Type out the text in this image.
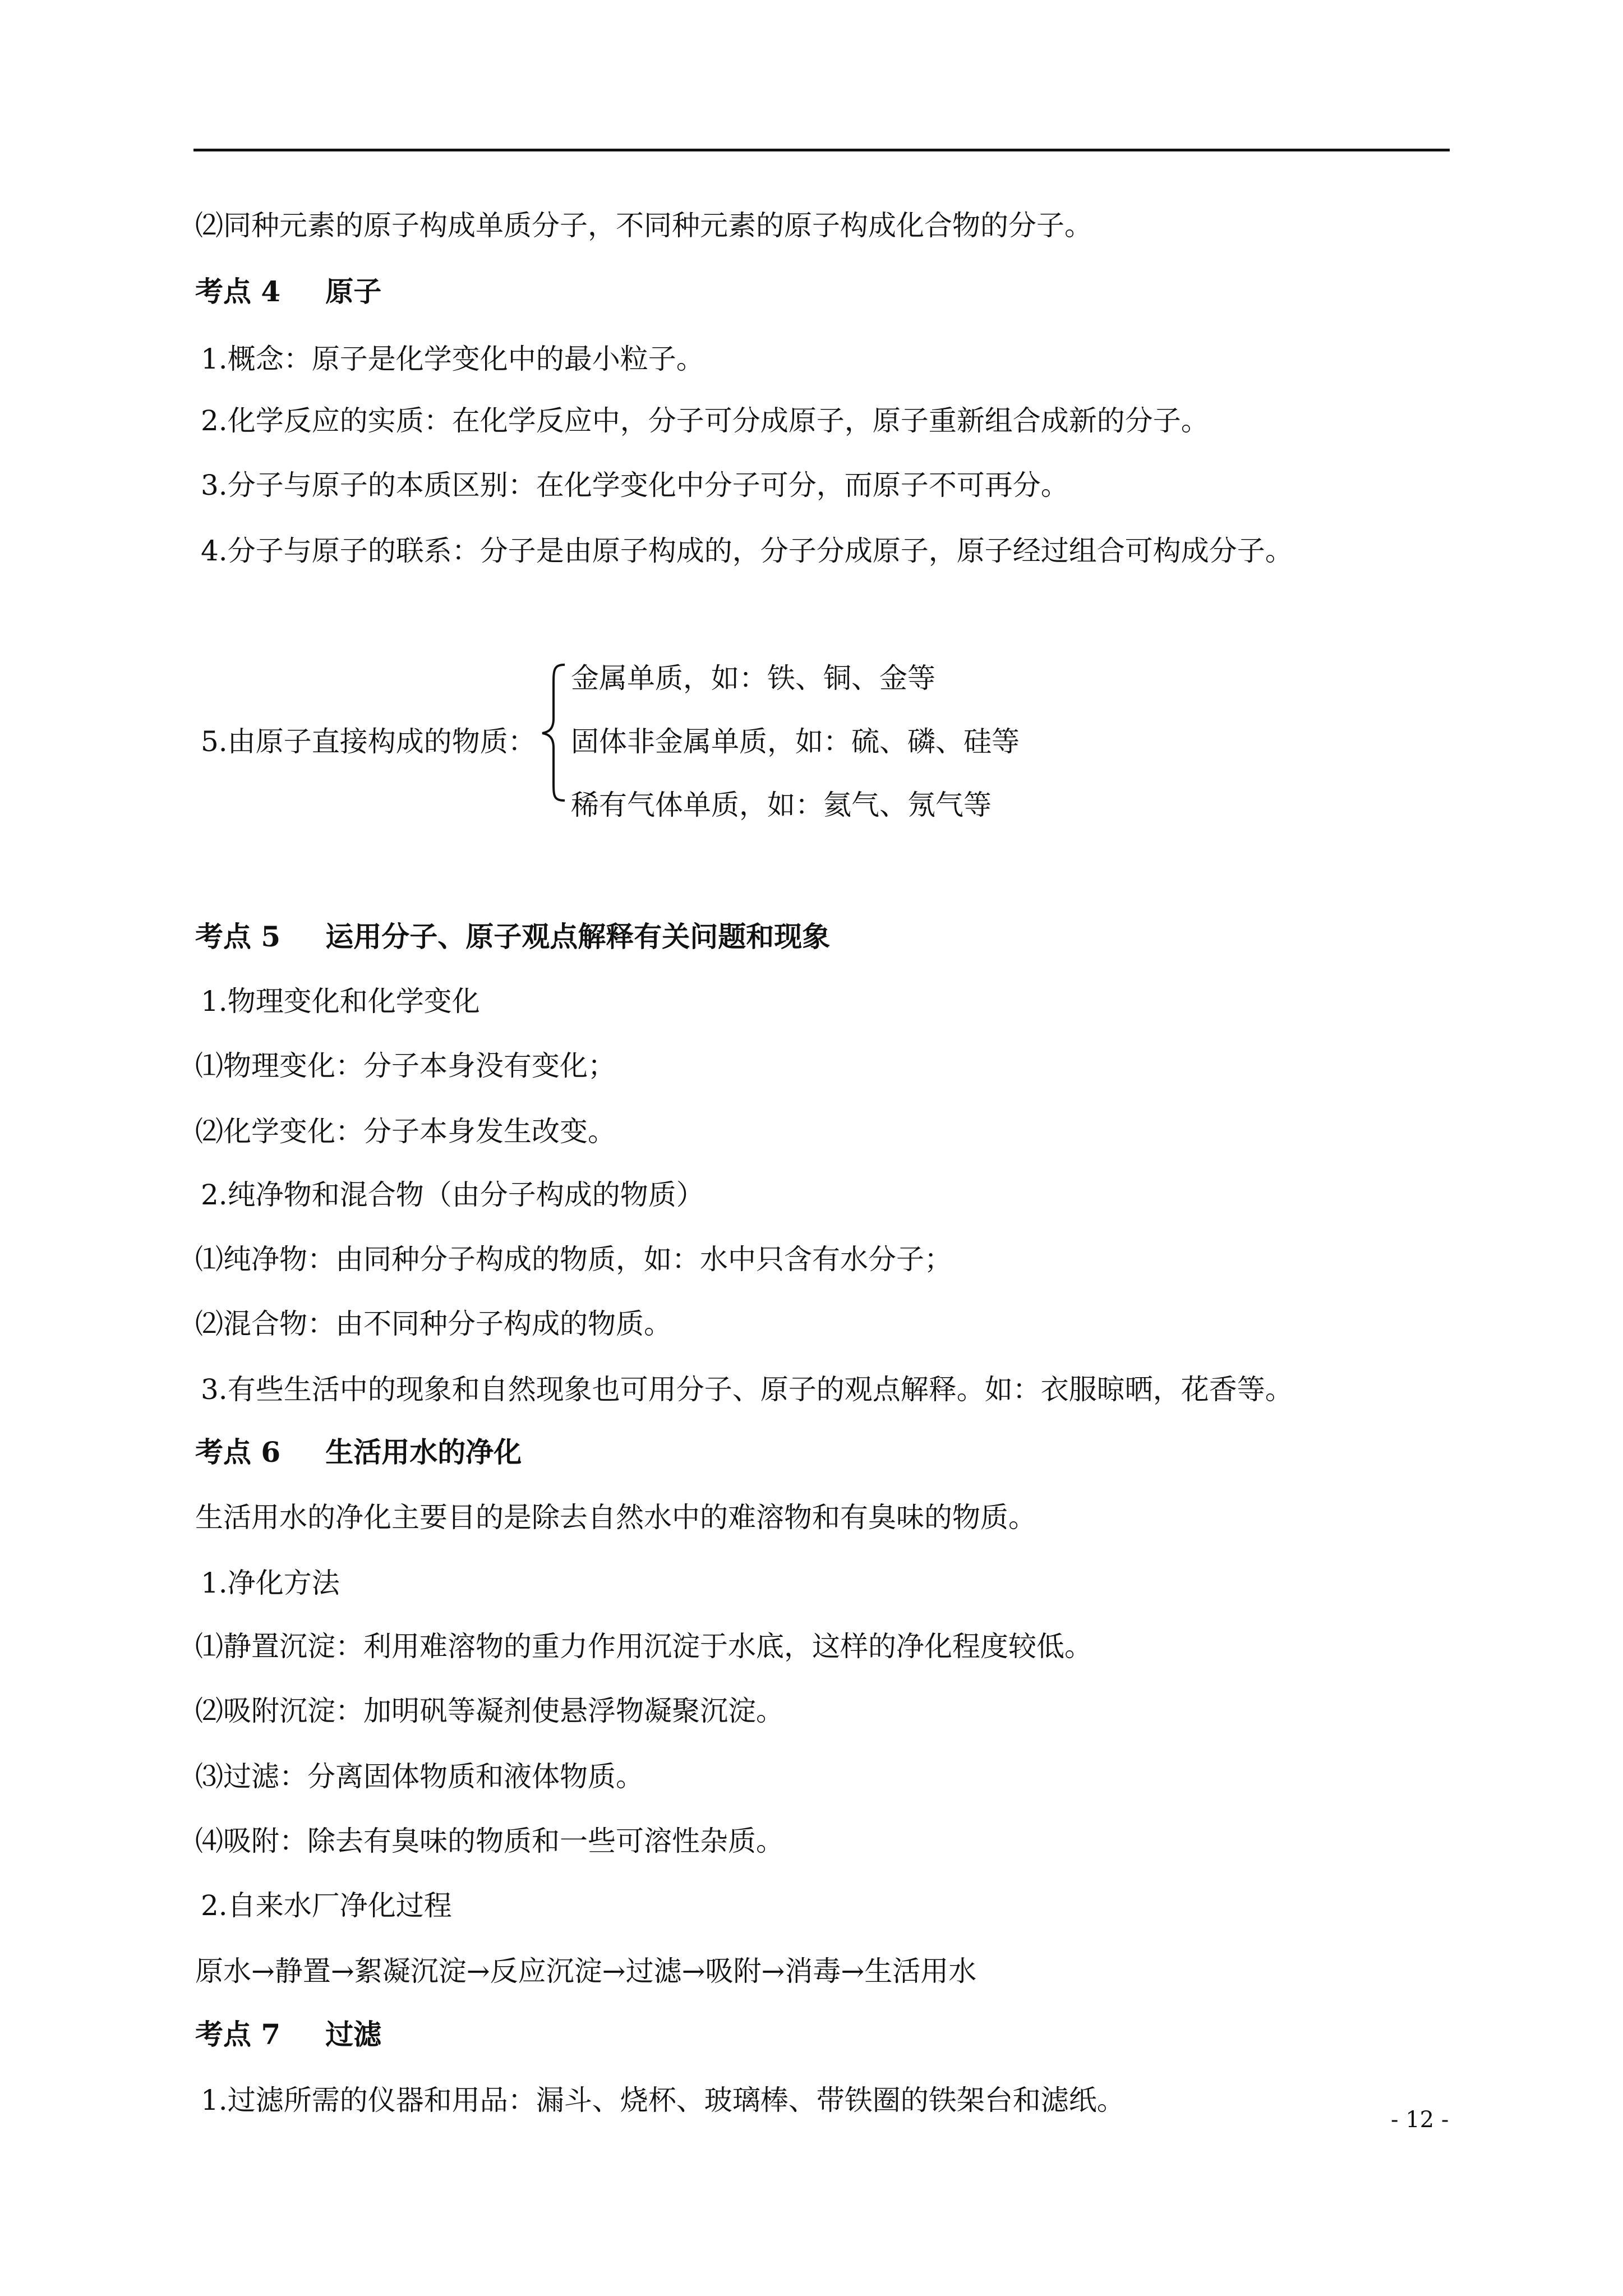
⑵同种元素的原子构成单质分子，不同种元素的原子构成化合物的分子。
考点 4 原子
1.概念：原子是化学变化中的最小粒子。
2.化学反应的实质：在化学反应中，分子可分成原子，原子重新组合成新的分子。
3.分子与原子的本质区别：在化学变化中分子可分，而原子不可再分。
4.分子与原子的联系：分子是由原子构成的，分子分成原子，原子经过组合可构成分子。
5.由原子直接构成的物质：
金属单质，如：铁、铜、金等
固体非金属单质，如：硫、磷、硅等
稀有气体单质，如：氦气、氖气等
考点 5 运用分子、原子观点解释有关问题和现象
1.物理变化和化学变化
⑴物理变化：分子本身没有变化；
⑵化学变化：分子本身发生改变。
2.纯净物和混合物（由分子构成的物质）
⑴纯净物：由同种分子构成的物质，如：水中只含有水分子；
⑵混合物：由不同种分子构成的物质。
3.有些生活中的现象和自然现象也可用分子、原子的观点解释。如：衣服晾晒，花香等。
考点 6 生活用水的净化
生活用水的净化主要目的是除去自然水中的难溶物和有臭味的物质。
1.净化方法
⑴静置沉淀：利用难溶物的重力作用沉淀于水底，这样的净化程度较低。
⑵吸附沉淀：加明矾等凝剂使悬浮物凝聚沉淀。
⑶过滤：分离固体物质和液体物质。
⑷吸附：除去有臭味的物质和一些可溶性杂质。
2.自来水厂净化过程
原水→静置→絮凝沉淀→反应沉淀→过滤→吸附→消毒→生活用水
考点 7 过滤
1.过滤所需的仪器和用品：漏斗、烧杯、玻璃棒、带铁圈的铁架台和滤纸。
- 12 -
